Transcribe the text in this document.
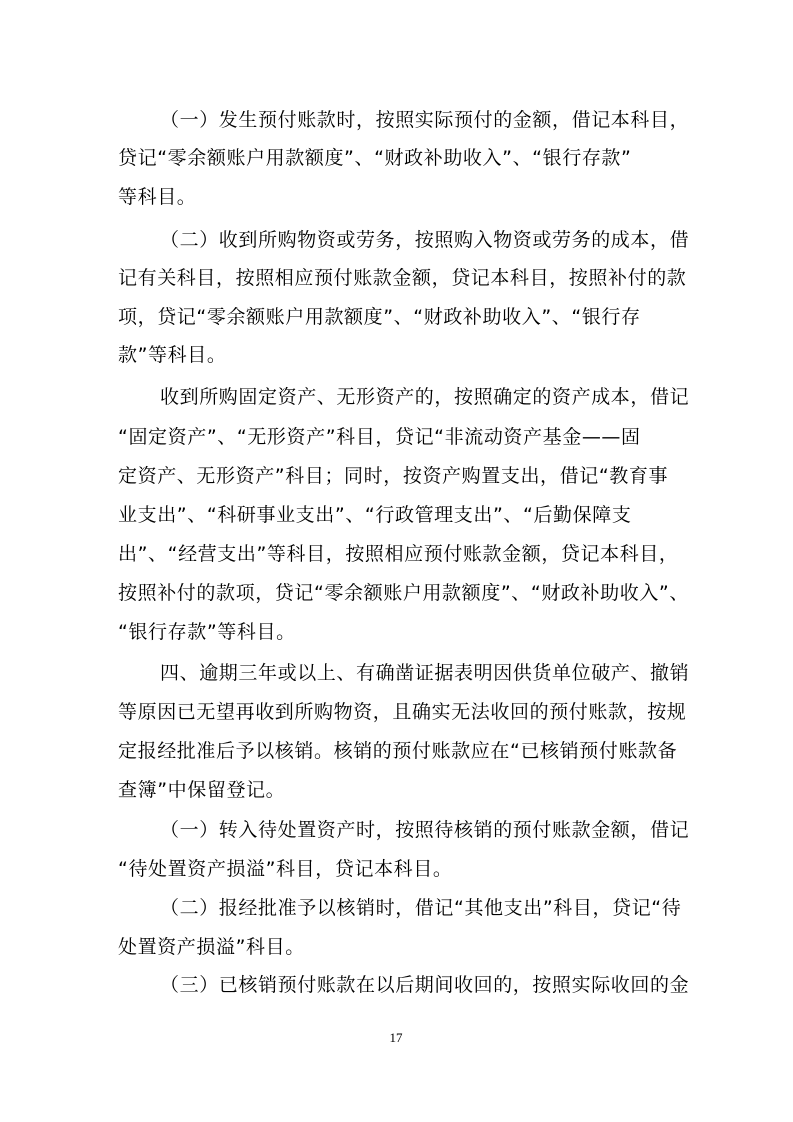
（一）发生预付账款时，按照实际预付的金额，借记本科目，

贷记“零余额账户用款额度”、“财政补助收入”、“银行存款”

等科目。

（二）收到所购物资或劳务，按照购入物资或劳务的成本，借

记有关科目，按照相应预付账款金额，贷记本科目，按照补付的款

项，贷记“零余额账户用款额度”、“财政补助收入”、“银行存

款”等科目。

收到所购固定资产、无形资产的，按照确定的资产成本，借记

“固定资产”、“无形资产”科目，贷记“非流动资产基金——固

定资产、无形资产”科目；同时，按资产购置支出，借记“教育事

业支出”、“科研事业支出”、“行政管理支出”、“后勤保障支

出”、“经营支出”等科目，按照相应预付账款金额，贷记本科目，

按照补付的款项，贷记“零余额账户用款额度”、“财政补助收入”、

“银行存款”等科目。

四、逾期三年或以上、有确凿证据表明因供货单位破产、撤销

等原因已无望再收到所购物资，且确实无法收回的预付账款，按规

定报经批准后予以核销。核销的预付账款应在“已核销预付账款备

查簿”中保留登记。

（一）转入待处置资产时，按照待核销的预付账款金额，借记

“待处置资产损溢”科目，贷记本科目。

（二）报经批准予以核销时，借记“其他支出”科目，贷记“待

处置资产损溢”科目。

（三）已核销预付账款在以后期间收回的，按照实际收回的金

17
